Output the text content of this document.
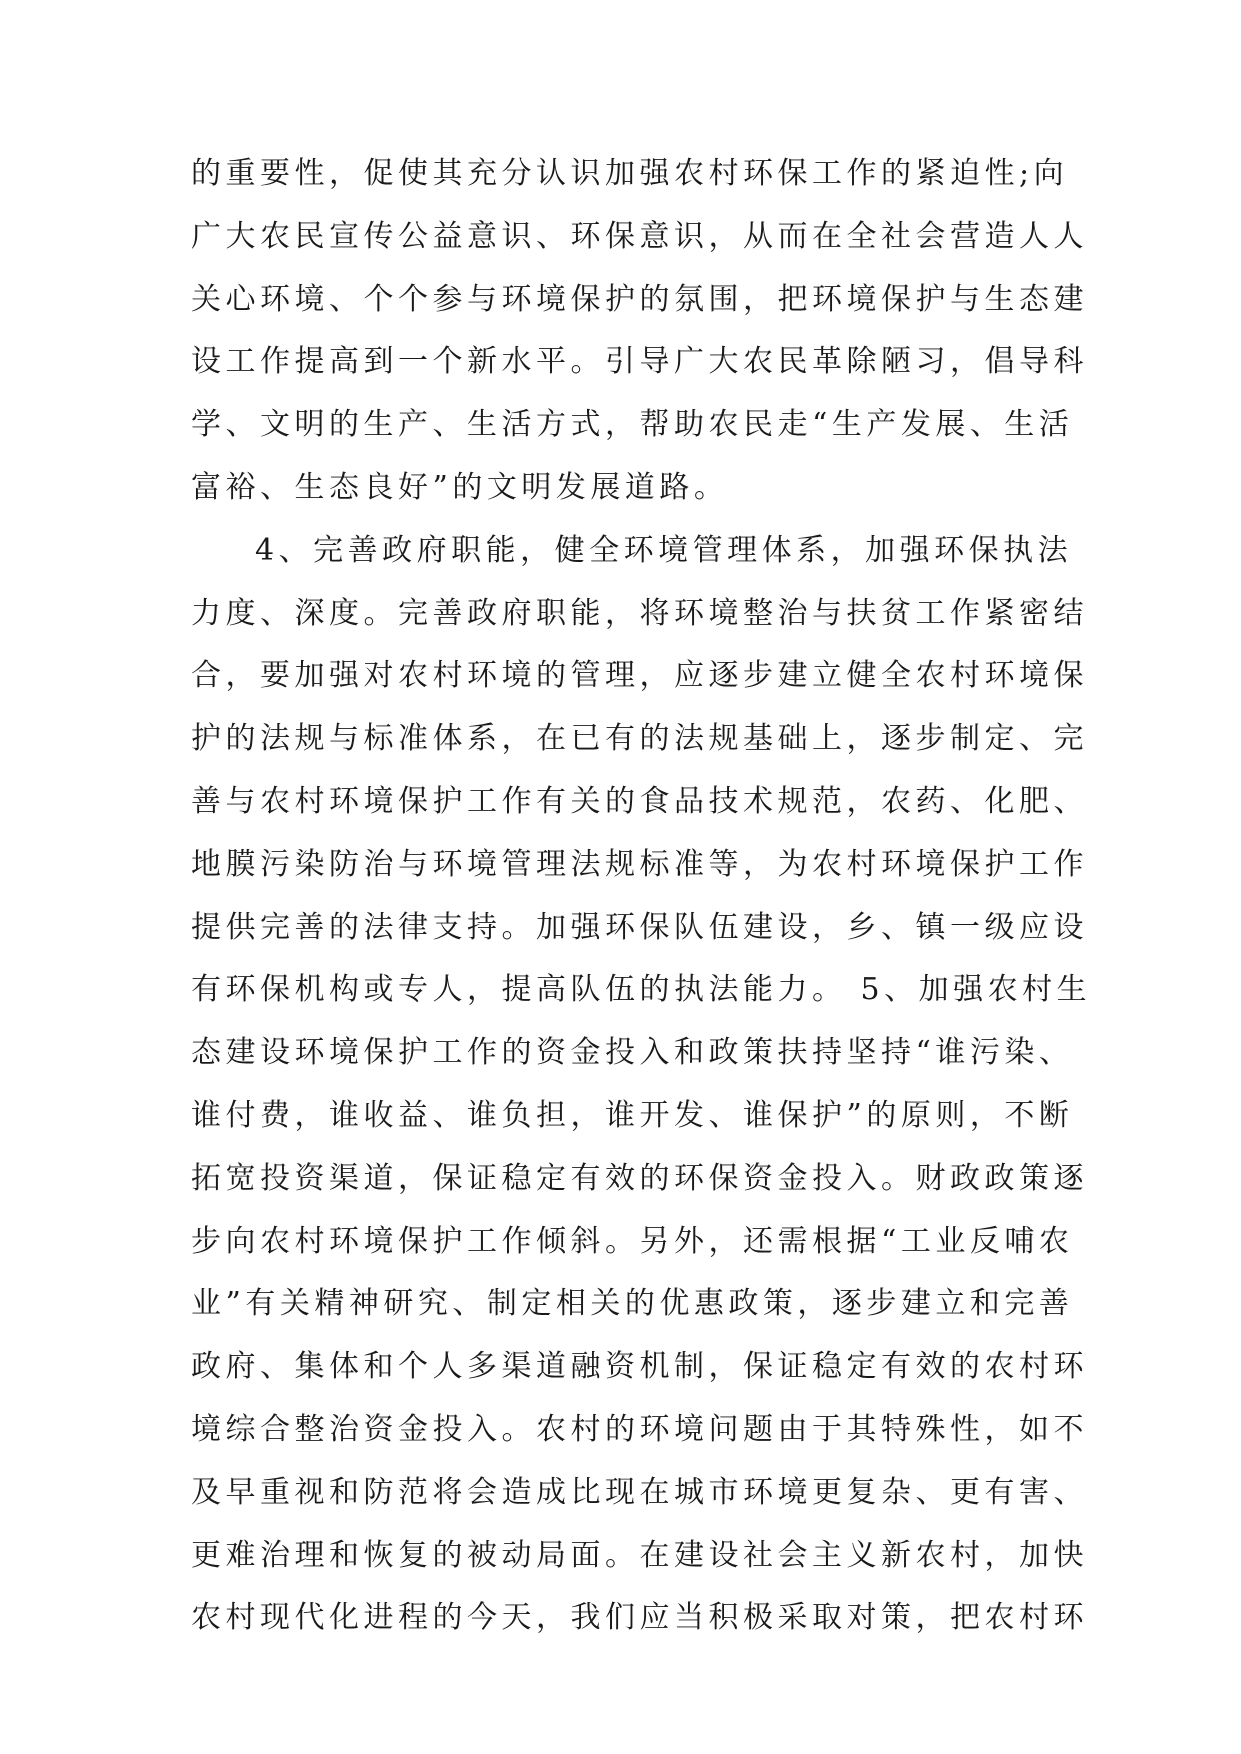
的重要性，促使其充分认识加强农村环保工作的紧迫性;向
广大农民宣传公益意识、环保意识，从而在全社会营造人人
关心环境、个个参与环境保护的氛围，把环境保护与生态建
设工作提高到一个新水平。引导广大农民革除陋习，倡导科
学、文明的生产、生活方式，帮助农民走“生产发展、生活
富裕、生态良好”的文明发展道路。
4、完善政府职能，健全环境管理体系，加强环保执法
力度、深度。完善政府职能，将环境整治与扶贫工作紧密结
合，要加强对农村环境的管理，应逐步建立健全农村环境保
护的法规与标准体系，在已有的法规基础上，逐步制定、完
善与农村环境保护工作有关的食品技术规范，农药、化肥、
地膜污染防治与环境管理法规标准等，为农村环境保护工作
提供完善的法律支持。加强环保队伍建设，乡、镇一级应设
有环保机构或专人，提高队伍的执法能力。 5、加强农村生
态建设环境保护工作的资金投入和政策扶持坚持“谁污染、
谁付费，谁收益、谁负担，谁开发、谁保护”的原则，不断
拓宽投资渠道，保证稳定有效的环保资金投入。财政政策逐
步向农村环境保护工作倾斜。另外，还需根据“工业反哺农
业”有关精神研究、制定相关的优惠政策，逐步建立和完善
政府、集体和个人多渠道融资机制，保证稳定有效的农村环
境综合整治资金投入。农村的环境问题由于其特殊性，如不
及早重视和防范将会造成比现在城市环境更复杂、更有害、
更难治理和恢复的被动局面。在建设社会主义新农村，加快
农村现代化进程的今天，我们应当积极采取对策，把农村环
